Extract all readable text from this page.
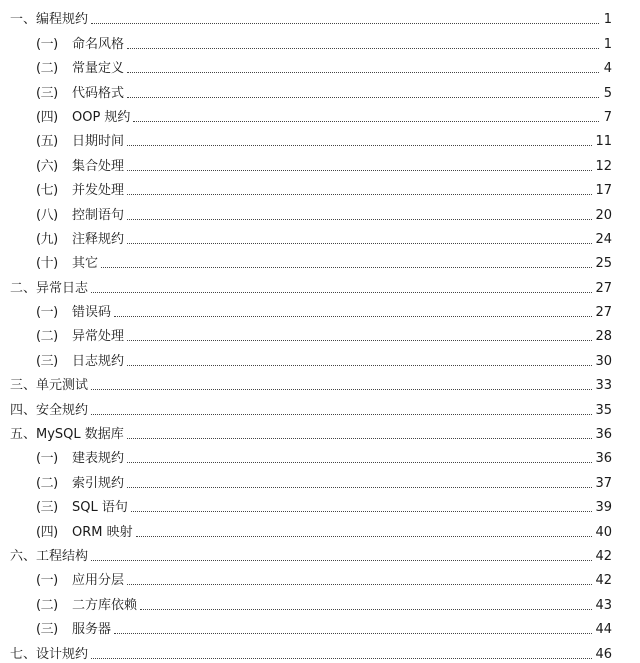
一、 编程规约	1
(一)	命名风格	1
(二)	常量定义	4
(三)	代码格式	5
(四)	OOP 规约	7
(五)	日期时间	11
(六)	集合处理	12
(七)	并发处理	17
(八)	控制语句	20
(九)	注释规约	24
(十)	其它	25
二、 异常日志	27
(一)	错误码	27
(二)	异常处理	28
(三)	日志规约	30
三、 单元测试	33
四、 安全规约	35
五、 MySQL 数据库	36
(一)	建表规约	36
(二)	索引规约	37
(三)	SQL 语句	39
(四)	ORM 映射	40
六、 工程结构	42
(一)	应用分层	42
(二)	二方库依赖	43
(三)	服务器	44
七、 设计规约	46
